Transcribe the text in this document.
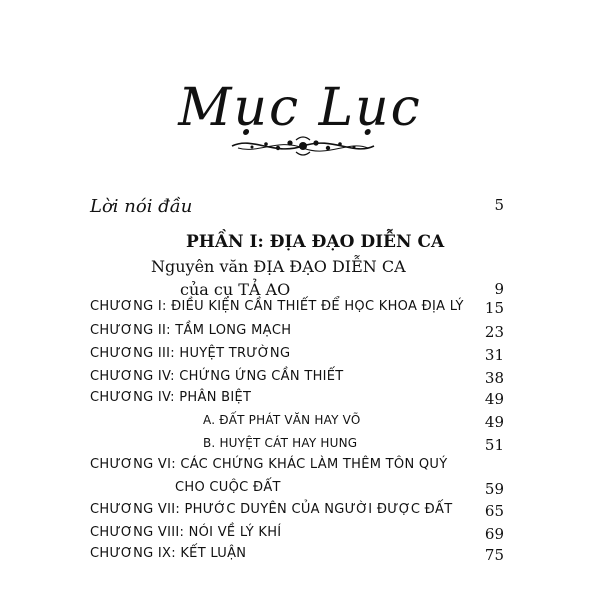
Mục Lục
Lời nói đầu	5
PHẦN I: ĐỊA ĐẠO DIỄN CA
Nguyên văn ĐỊA ĐẠO DIỄN CA
của cụ TẢ AO	9
CHƯƠNG I: ĐIỀU KIỆN CẦN THIẾT ĐỂ HỌC KHOA ĐỊA LÝ 15
CHƯƠNG II: TẦM LONG MẠCH	23
CHƯƠNG III: HUYỆT TRƯỜNG	31
CHƯƠNG IV: CHỨNG ỨNG CẦN THIẾT	38
CHƯƠNG IV: PHÂN BIỆT	49
A. ĐẤT PHÁT VĂN HAY VÕ	49
B. HUYỆT CÁT HAY HUNG	51
CHƯƠNG VI: CÁC CHỨNG KHÁC LÀM THÊM TÔN QUÝ
CHO CUỘC ĐẤT	59
CHƯƠNG VII: PHƯỚC DUYÊN CỦA NGƯỜI ĐƯỢC ĐẤT 65
CHƯƠNG VIII: NÓI VỀ LÝ KHÍ	69
CHƯƠNG IX: KẾT LUẬN	75
